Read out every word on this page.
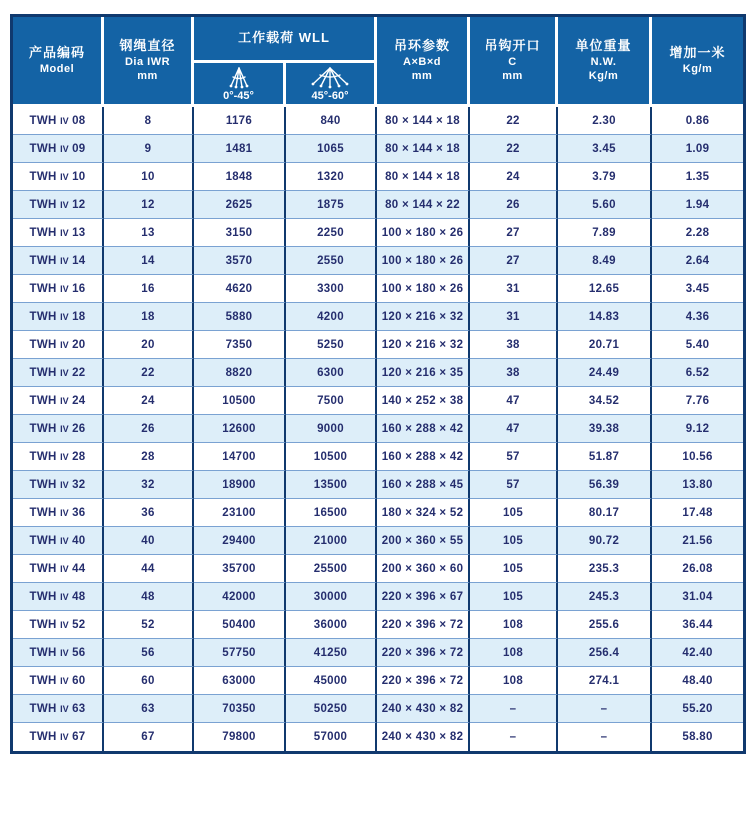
产品编码
Model

钢绳直径
Dia IWR
mm

工作载荷 WLL

吊环参数
A×B×d
mm

吊钩开口
C
mm

单位重量
N.W.
Kg/m

增加一米
Kg/m

		0°-45°	45°-60°				

TWH IV 08	8	1176	840	80 × 144 × 18	22	2.30	0.86
TWH IV 09	9	1481	1065	80 × 144 × 18	22	3.45	1.09
TWH IV 10	10	1848	1320	80 × 144 × 18	24	3.79	1.35
TWH IV 12	12	2625	1875	80 × 144 × 22	26	5.60	1.94
TWH IV 13	13	3150	2250	100 × 180 × 26	27	7.89	2.28
TWH IV 14	14	3570	2550	100 × 180 × 26	27	8.49	2.64
TWH IV 16	16	4620	3300	100 × 180 × 26	31	12.65	3.45
TWH IV 18	18	5880	4200	120 × 216 × 32	31	14.83	4.36
TWH IV 20	20	7350	5250	120 × 216 × 32	38	20.71	5.40
TWH IV 22	22	8820	6300	120 × 216 × 35	38	24.49	6.52
TWH IV 24	24	10500	7500	140 × 252 × 38	47	34.52	7.76
TWH IV 26	26	12600	9000	160 × 288 × 42	47	39.38	9.12
TWH IV 28	28	14700	10500	160 × 288 × 42	57	51.87	10.56
TWH IV 32	32	18900	13500	160 × 288 × 45	57	56.39	13.80
TWH IV 36	36	23100	16500	180 × 324 × 52	105	80.17	17.48
TWH IV 40	40	29400	21000	200 × 360 × 55	105	90.72	21.56
TWH IV 44	44	35700	25500	200 × 360 × 60	105	235.3	26.08
TWH IV 48	48	42000	30000	220 × 396 × 67	105	245.3	31.04
TWH IV 52	52	50400	36000	220 × 396 × 72	108	255.6	36.44
TWH IV 56	56	57750	41250	220 × 396 × 72	108	256.4	42.40
TWH IV 60	60	63000	45000	220 × 396 × 72	108	274.1	48.40
TWH IV 63	63	70350	50250	240 × 430 × 82	–	–	55.20
TWH IV 67	67	79800	57000	240 × 430 × 82	–	–	58.80
